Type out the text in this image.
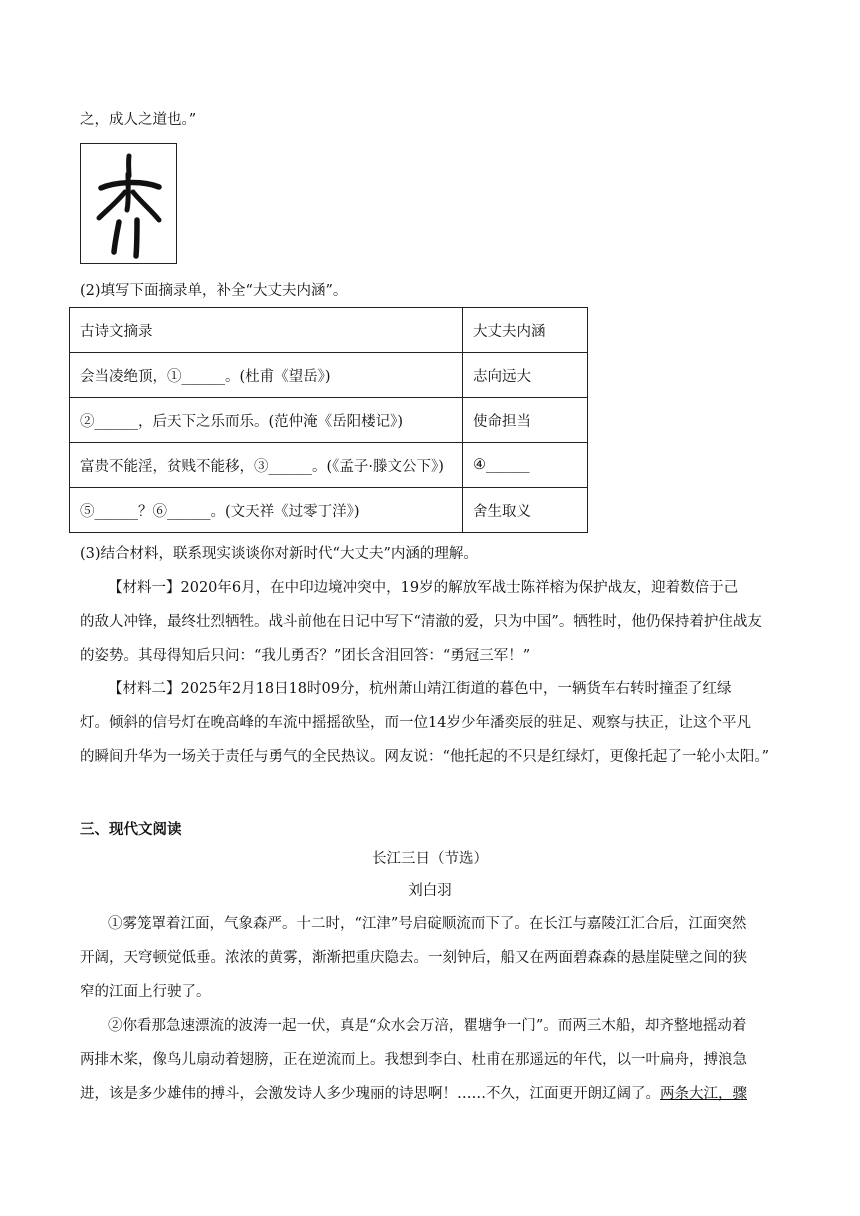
之，成人之道也。”
(2)填写下面摘录单，补全“大丈夫内涵”。
古诗文摘录	大丈夫内涵
会当凌绝顶，①______。(杜甫《望岳》)	志向远大
②______，后天下之乐而乐。(范仲淹《岳阳楼记》)	使命担当
富贵不能淫，贫贱不能移，③______。(《孟子·滕文公下》)	④______
⑤______？⑥______。(文天祥《过零丁洋》)	舍生取义
(3)结合材料，联系现实谈谈你对新时代“大丈夫”内涵的理解。
【材料一】2020年6月，在中印边境冲突中，19岁的解放军战士陈祥榕为保护战友，迎着数倍于己
的敌人冲锋，最终壮烈牺牲。战斗前他在日记中写下“清澈的爱，只为中国”。牺牲时，他仍保持着护住战友
的姿势。其母得知后只问：“我儿勇否？”团长含泪回答：“勇冠三军！”
【材料二】2025年2月18日18时09分，杭州萧山靖江街道的暮色中，一辆货车右转时撞歪了红绿
灯。倾斜的信号灯在晚高峰的车流中摇摇欲坠，而一位14岁少年潘奕辰的驻足、观察与扶正，让这个平凡
的瞬间升华为一场关于责任与勇气的全民热议。网友说：“他托起的不只是红绿灯，更像托起了一轮小太阳。”
三、现代文阅读
长江三日（节选）
刘白羽
①雾笼罩着江面，气象森严。十二时，“江津”号启碇顺流而下了。在长江与嘉陵江汇合后，江面突然
开阔，天穹顿觉低垂。浓浓的黄雾，渐渐把重庆隐去。一刻钟后，船又在两面碧森森的悬崖陡壁之间的狭
窄的江面上行驶了。
②你看那急速漂流的波涛一起一伏，真是“众水会万涪，瞿塘争一门”。而两三木船，却齐整地摇动着
两排木桨，像鸟儿扇动着翅膀，正在逆流而上。我想到李白、杜甫在那遥远的年代，以一叶扁舟，搏浪急
进，该是多少雄伟的搏斗，会激发诗人多少瑰丽的诗思啊！……不久，江面更开朗辽阔了。两条大江，骤
